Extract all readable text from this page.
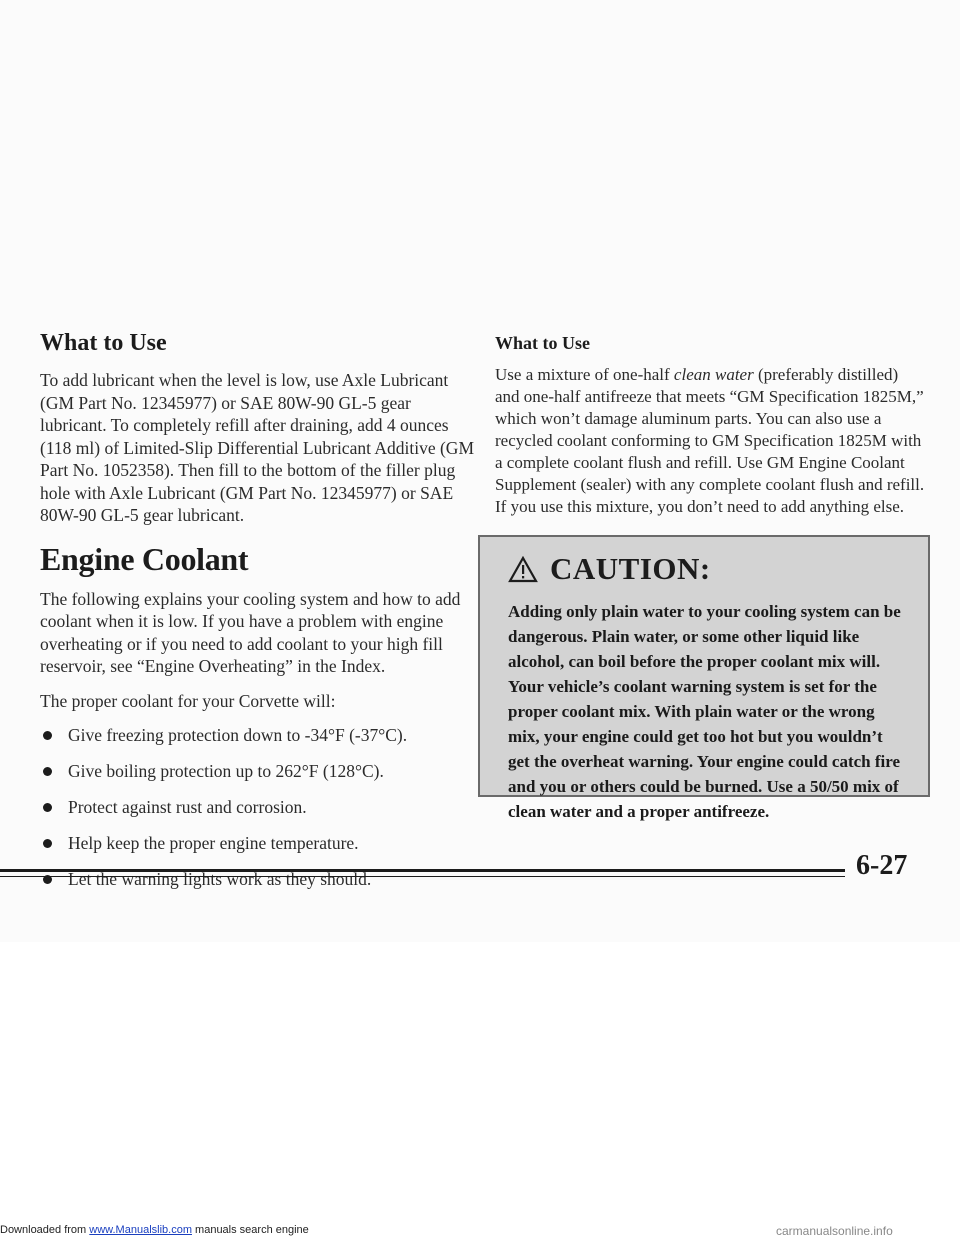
What to Use

To add lubricant when the level is low, use Axle Lubricant (GM Part No. 12345977) or SAE 80W-90 GL-5 gear lubricant. To completely refill after draining, add 4 ounces (118 ml) of Limited-Slip Differential Lubricant Additive (GM Part No. 1052358). Then fill to the bottom of the filler plug hole with Axle Lubricant (GM Part No. 12345977) or SAE 80W-90 GL-5 gear lubricant.

Engine Coolant

The following explains your cooling system and how to add coolant when it is low. If you have a problem with engine overheating or if you need to add coolant to your high fill reservoir, see “Engine Overheating” in the Index.

The proper coolant for your Corvette will:

Give freezing protection down to -34°F (-37°C).
Give boiling protection up to 262°F (128°C).
Protect against rust and corrosion.
Help keep the proper engine temperature.
Let the warning lights work as they should.
What to Use

Use a mixture of one-half clean water (preferably distilled) and one-half antifreeze that meets “GM Specification 1825M,” which won’t damage aluminum parts. You can also use a recycled coolant conforming to GM Specification 1825M with a complete coolant flush and refill. Use GM Engine Coolant Supplement (sealer) with any complete coolant flush and refill. If you use this mixture, you don’t need to add anything else.

CAUTION:
Adding only plain water to your cooling system can be dangerous. Plain water, or some other liquid like alcohol, can boil before the proper coolant mix will. Your vehicle’s coolant warning system is set for the proper coolant mix. With plain water or the wrong mix, your engine could get too hot but you wouldn’t get the overheat warning. Your engine could catch fire and you or others could be burned. Use a 50/50 mix of clean water and a proper antifreeze.
6-27
Downloaded from www.Manualslib.com manuals search engine	carmanualsonline.info
